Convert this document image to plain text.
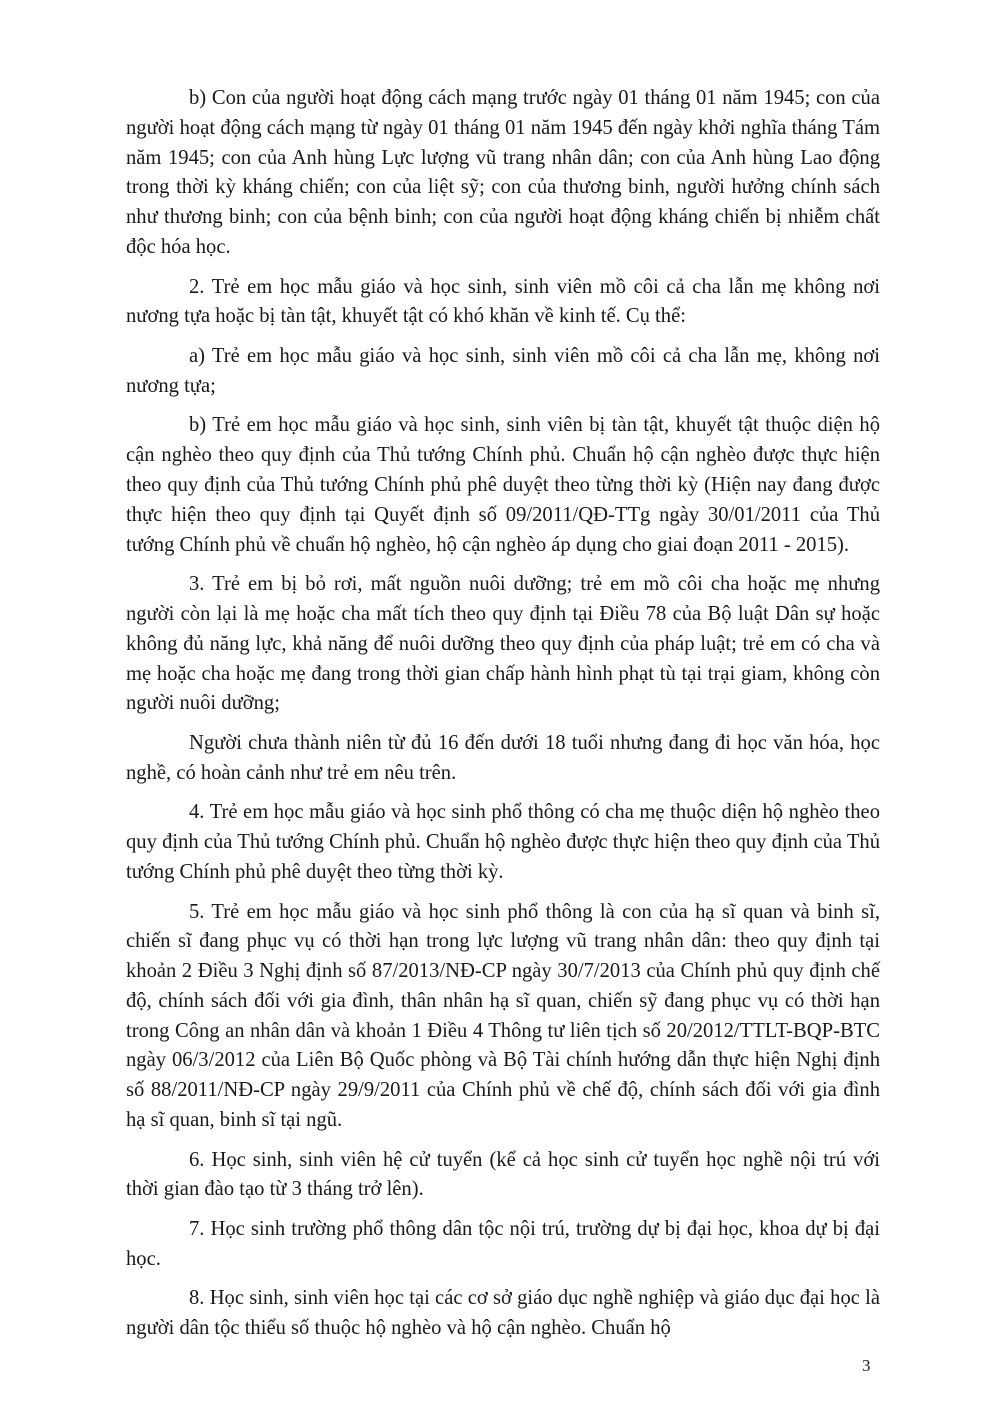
b) Con của người hoạt động cách mạng trước ngày 01 tháng 01 năm 1945; con của người hoạt động cách mạng từ ngày 01 tháng 01 năm 1945 đến ngày khởi nghĩa tháng Tám năm 1945; con của Anh hùng Lực lượng vũ trang nhân dân; con của Anh hùng Lao động trong thời kỳ kháng chiến; con của liệt sỹ; con của thương binh, người hưởng chính sách như thương binh; con của bệnh binh; con của người hoạt động kháng chiến bị nhiễm chất độc hóa học.

2. Trẻ em học mẫu giáo và học sinh, sinh viên mồ côi cả cha lẫn mẹ không nơi nương tựa hoặc bị tàn tật, khuyết tật có khó khăn về kinh tế. Cụ thể:

a) Trẻ em học mẫu giáo và học sinh, sinh viên mồ côi cả cha lẫn mẹ, không nơi nương tựa;

b) Trẻ em học mẫu giáo và học sinh, sinh viên bị tàn tật, khuyết tật thuộc diện hộ cận nghèo theo quy định của Thủ tướng Chính phủ. Chuẩn hộ cận nghèo được thực hiện theo quy định của Thủ tướng Chính phủ phê duyệt theo từng thời kỳ (Hiện nay đang được thực hiện theo quy định tại Quyết định số 09/2011/QĐ-TTg ngày 30/01/2011 của Thủ tướng Chính phủ về chuẩn hộ nghèo, hộ cận nghèo áp dụng cho giai đoạn 2011 - 2015).

3. Trẻ em bị bỏ rơi, mất nguồn nuôi dưỡng; trẻ em mồ côi cha hoặc mẹ nhưng người còn lại là mẹ hoặc cha mất tích theo quy định tại Điều 78 của Bộ luật Dân sự hoặc không đủ năng lực, khả năng để nuôi dưỡng theo quy định của pháp luật; trẻ em có cha và mẹ hoặc cha hoặc mẹ đang trong thời gian chấp hành hình phạt tù tại trại giam, không còn người nuôi dưỡng;

Người chưa thành niên từ đủ 16 đến dưới 18 tuổi nhưng đang đi học văn hóa, học nghề, có hoàn cảnh như trẻ em nêu trên.

4. Trẻ em học mẫu giáo và học sinh phổ thông có cha mẹ thuộc diện hộ nghèo theo quy định của Thủ tướng Chính phủ. Chuẩn hộ nghèo được thực hiện theo quy định của Thủ tướng Chính phủ phê duyệt theo từng thời kỳ.

5. Trẻ em học mẫu giáo và học sinh phổ thông là con của hạ sĩ quan và binh sĩ, chiến sĩ đang phục vụ có thời hạn trong lực lượng vũ trang nhân dân: theo quy định tại khoản 2 Điều 3 Nghị định số 87/2013/NĐ-CP ngày 30/7/2013 của Chính phủ quy định chế độ, chính sách đối với gia đình, thân nhân hạ sĩ quan, chiến sỹ đang phục vụ có thời hạn trong Công an nhân dân và khoản 1 Điều 4 Thông tư liên tịch số 20/2012/TTLT-BQP-BTC ngày 06/3/2012 của Liên Bộ Quốc phòng và Bộ Tài chính hướng dẫn thực hiện Nghị định số 88/2011/NĐ-CP ngày 29/9/2011 của Chính phủ về chế độ, chính sách đối với gia đình hạ sĩ quan, binh sĩ tại ngũ.

6. Học sinh, sinh viên hệ cử tuyển (kể cả học sinh cử tuyển học nghề nội trú với thời gian đào tạo từ 3 tháng trở lên).

7. Học sinh trường phổ thông dân tộc nội trú, trường dự bị đại học, khoa dự bị đại học.

8. Học sinh, sinh viên học tại các cơ sở giáo dục nghề nghiệp và giáo dục đại học là người dân tộc thiểu số thuộc hộ nghèo và hộ cận nghèo. Chuẩn hộ

3
